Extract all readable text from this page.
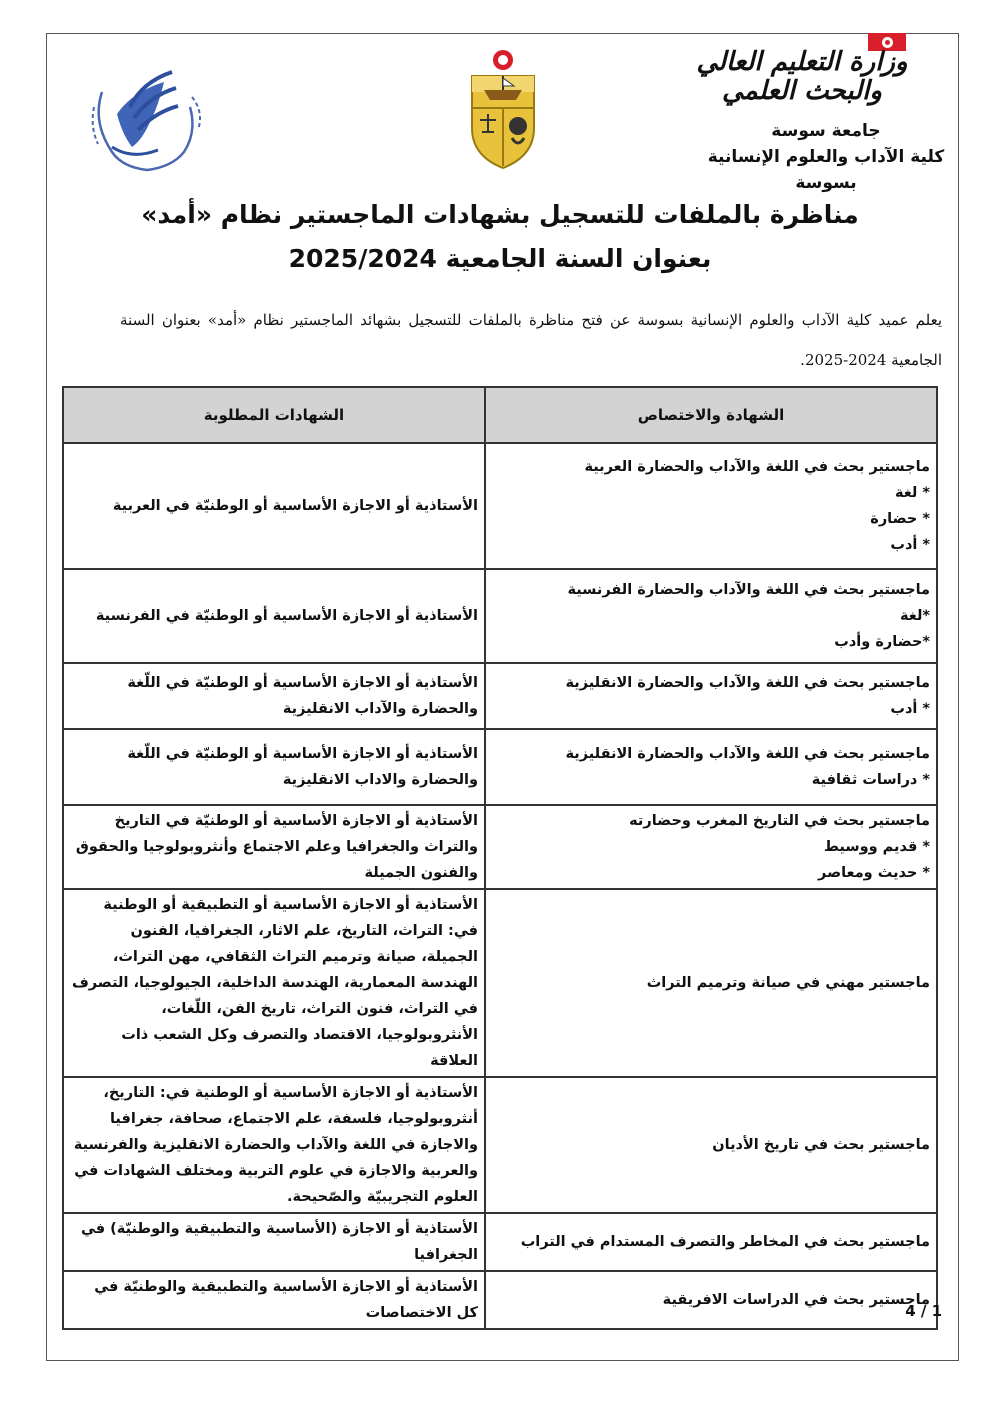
وزارة التعليم العالي
والبحث العلمي
جامعة سوسة
كلية الآداب والعلوم الإنسانية
بسوسة
مناظرة بالملفات للتسجيل بشهادات الماجستير نظام «أمد»
بعنوان السنة الجامعية 2025/2024
يعلم عميد كلية الآداب والعلوم الإنسانية بسوسة عن فتح مناظرة بالملفات للتسجيل بشهائد الماجستير نظام «أمد» بعنوان السنة الجامعية 2024-2025.
الشهادة والاختصاص	الشهادات المطلوبة

ماجستير بحث في اللغة والآداب والحضارة العربية
* لغة
* حضارة
* أدب	الأستاذية أو الاجازة الأساسية أو الوطنيّة في العربية

ماجستير بحث في اللغة والآداب والحضارة الفرنسية
*لغة
*حضارة وأدب	الأستاذية أو الاجازة الأساسية أو الوطنيّة في الفرنسية

ماجستير بحث في اللغة والآداب والحضارة الانقليزية
* أدب	الأستاذية أو الاجازة الأساسية أو الوطنيّة في اللّغة والحضارة والآداب الانقليزية

ماجستير بحث في اللغة والآداب والحضارة الانقليزية
* دراسات ثقافية	الأستاذية أو الاجازة الأساسية أو الوطنيّة في اللّغة والحضارة والاداب الانقليزية

ماجستير بحث في التاريخ المغرب وحضارته
* قديم ووسيط
* حديث ومعاصر	الأستاذية أو الاجازة الأساسية أو الوطنيّة في التاريخ والتراث والجغرافيا وعلم الاجتماع وأنثروبولوجيا والحقوق والفنون الجميلة

ماجستير مهني في صيانة وترميم التراث	الأستاذية أو الاجازة الأساسية أو التطبيقية أو الوطنية في: التراث، التاريخ، علم الاثار، الجغرافيا، الفنون الجميلة، صيانة وترميم التراث الثقافي، مهن التراث، الهندسة المعمارية، الهندسة الداخلية، الجيولوجيا، التصرف في التراث، فنون التراث، تاريخ الفن، اللّغات، الأنثروبولوجيا، الاقتصاد والتصرف وكل الشعب ذات العلاقة

ماجستير بحث في تاريخ الأديان	الأستاذية أو الاجازة الأساسية أو الوطنية في: التاريخ، أنثروبولوجيا، فلسفة، علم الاجتماع، صحافة، جغرافيا والاجازة في اللغة والآداب والحضارة الانقليزية والفرنسية والعربية والاجازة في علوم التربية ومختلف الشهادات في العلوم التجريبيّة والصّحيحة.

ماجستير بحث في المخاطر والتصرف المستدام في التراب	الأستاذية أو الاجازة (الأساسية والتطبيقية والوطنيّة) في الجغرافيا

ماجستير بحث في الدراسات الافريقية	الأستاذية أو الاجازة الأساسية والتطبيقية والوطنيّة في كل الاختصاصات	4 / 1
